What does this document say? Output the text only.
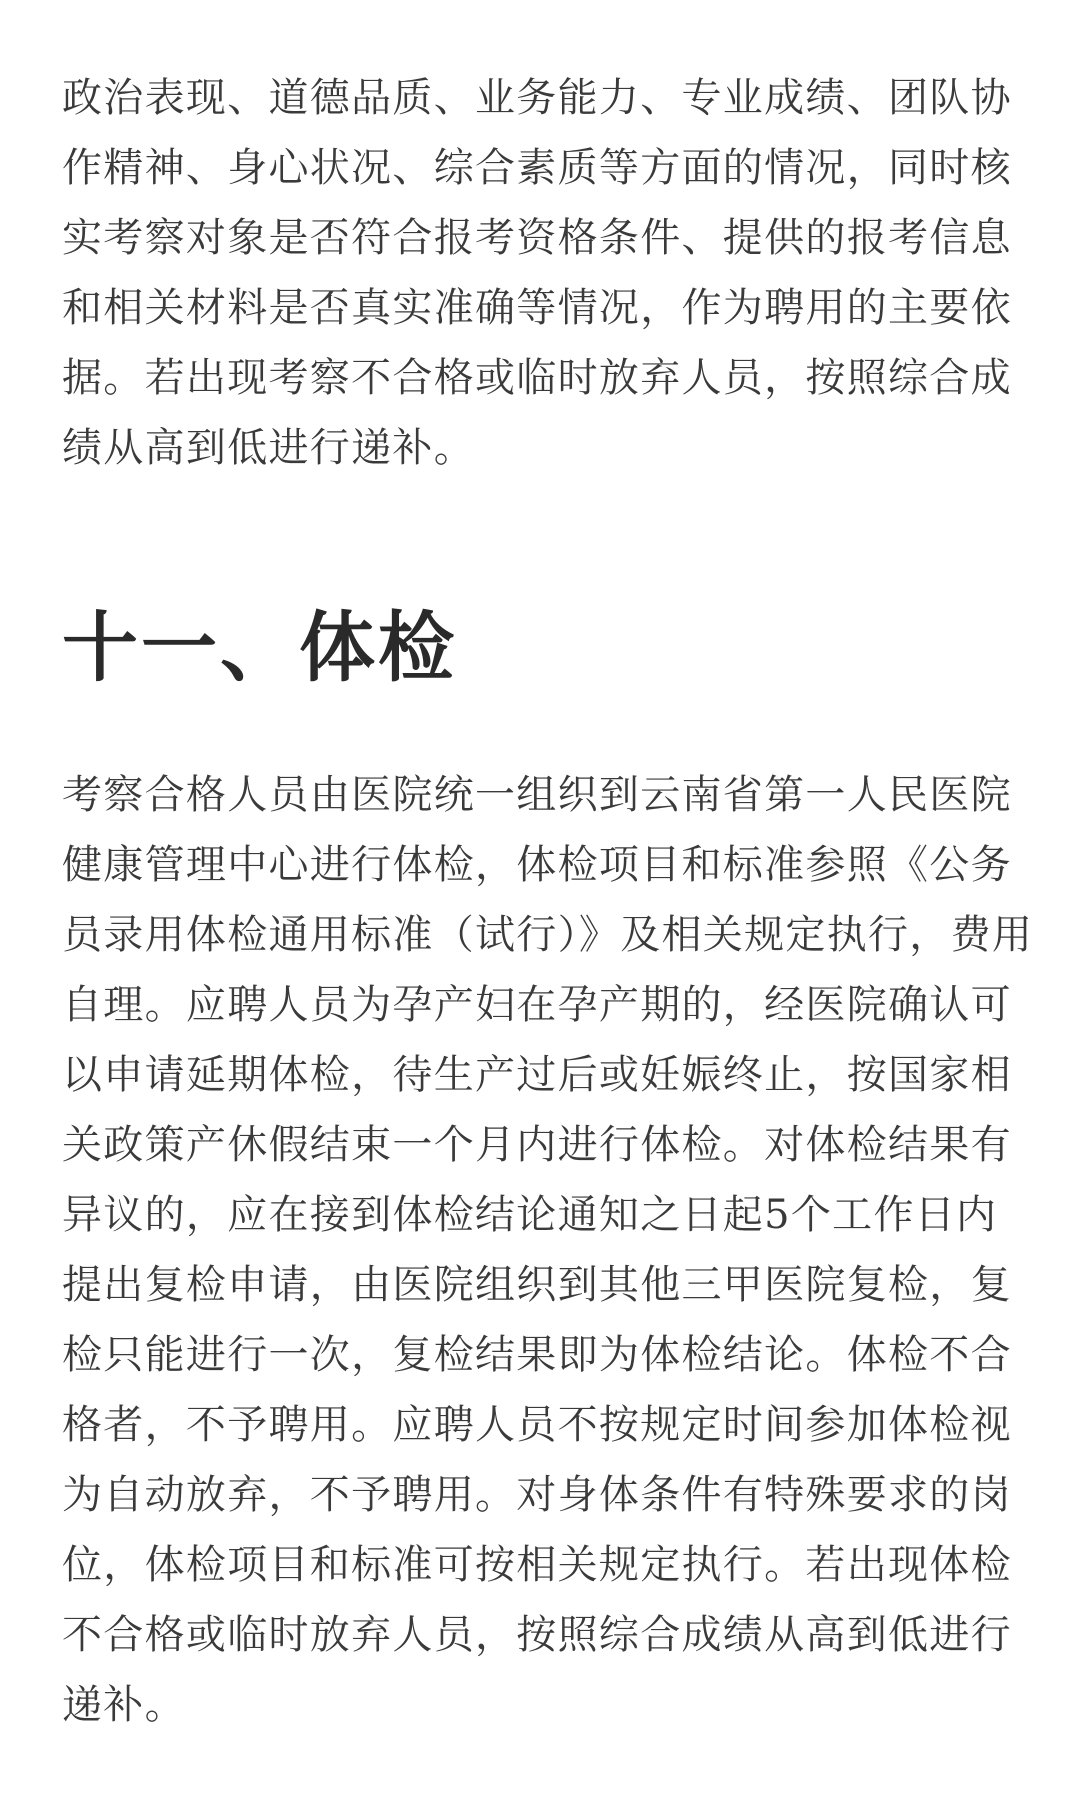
政治表现、道德品质、业务能力、专业成绩、团队协
作精神、身心状况、综合素质等方面的情况，同时核
实考察对象是否符合报考资格条件、提供的报考信息
和相关材料是否真实准确等情况，作为聘用的主要依
据。若出现考察不合格或临时放弃人员，按照综合成
绩从高到低进行递补。

十一、体检

考察合格人员由医院统一组织到云南省第一人民医院
健康管理中心进行体检，体检项目和标准参照《公务
员录用体检通用标准（试行）》及相关规定执行，费用
自理。应聘人员为孕产妇在孕产期的，经医院确认可
以申请延期体检，待生产过后或妊娠终止，按国家相
关政策产休假结束一个月内进行体检。对体检结果有
异议的，应在接到体检结论通知之日起5个工作日内
提出复检申请，由医院组织到其他三甲医院复检，复
检只能进行一次，复检结果即为体检结论。体检不合
格者，不予聘用。应聘人员不按规定时间参加体检视
为自动放弃，不予聘用。对身体条件有特殊要求的岗
位，体检项目和标准可按相关规定执行。若出现体检
不合格或临时放弃人员，按照综合成绩从高到低进行
递补。
